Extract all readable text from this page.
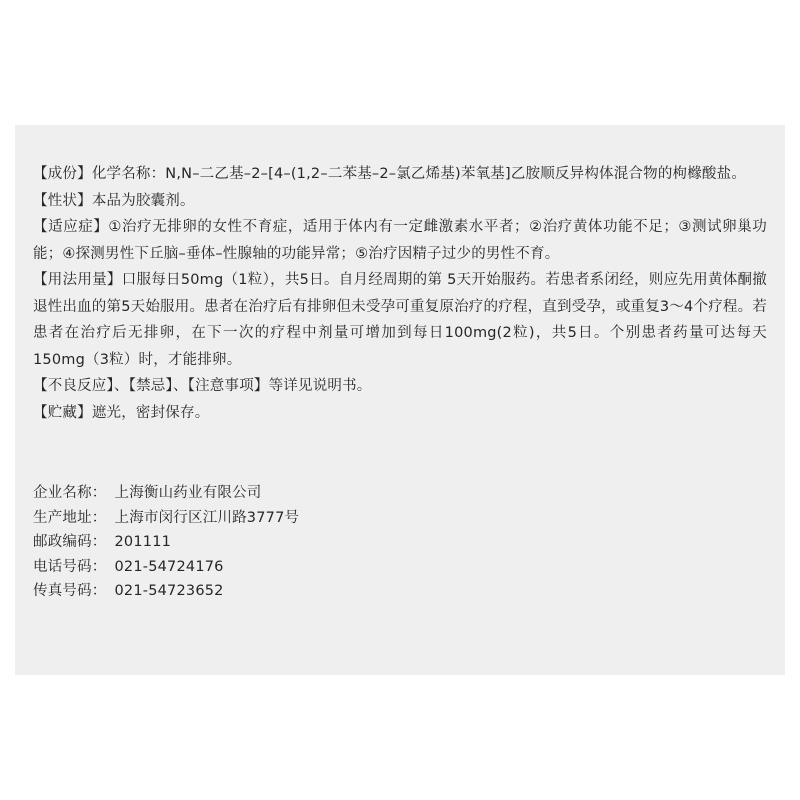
【成份】化学名称：N,N–二乙基–2–[4–(1,2–二苯基–2–氯乙烯基)苯氧基]乙胺顺反异构体混合物的枸橼酸盐。
【性状】本品为胶囊剂。
【适应症】①治疗无排卵的女性不育症，适用于体内有一定雌激素水平者；②治疗黄体功能不足；③测试卵巢功能；④探测男性下丘脑–垂体–性腺轴的功能异常；⑤治疗因精子过少的男性不育。
【用法用量】口服每日50mg（1粒），共5日。自月经周期的第 5天开始服药。若患者系闭经，则应先用黄体酮撤退性出血的第5天始服用。患者在治疗后有排卵但未受孕可重复原治疗的疗程，直到受孕，或重复3～4个疗程。若患者在治疗后无排卵，在下一次的疗程中剂量可增加到每日100mg(2粒)，共5日。个别患者药量可达每天150mg（3粒）时，才能排卵。
【不良反应】、【禁忌】、【注意事项】等详见说明书。
【贮藏】遮光，密封保存。
企业名称： 上海衡山药业有限公司
生产地址： 上海市闵行区江川路3777号
邮政编码： 201111
电话号码： 021-54724176
传真号码： 021-54723652
